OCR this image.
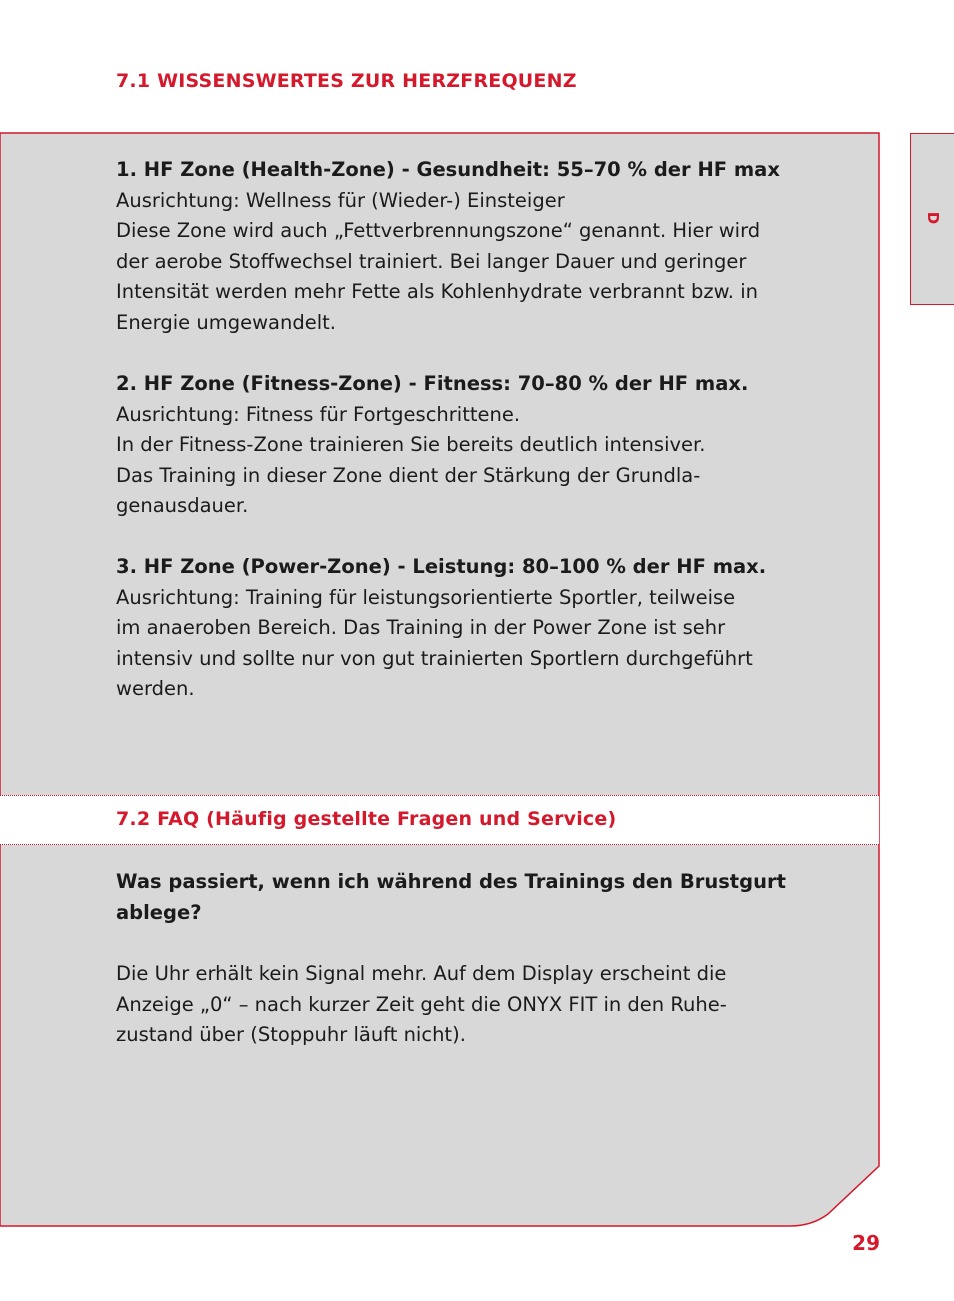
7.1 WISSENSWERTES ZUR HERZFREQUENZ
D

1. HF Zone (Health-Zone) - Gesundheit: 55–70 % der HF max

Ausrichtung: Wellness für (Wieder-) Einsteiger

Diese Zone wird auch „Fettverbrennungszone“ genannt. Hier wird

der aerobe Stoffwechsel trainiert. Bei langer Dauer und geringer

Intensität werden mehr Fette als Kohlenhydrate verbrannt bzw. in

Energie umgewandelt.

2. HF Zone (Fitness-Zone) - Fitness: 70–80 % der HF max.

Ausrichtung: Fitness für Fortgeschrittene.

In der Fitness-Zone trainieren Sie bereits deutlich intensiver.

Das Training in dieser Zone dient der Stärkung der Grundla-

genausdauer.

3. HF Zone (Power-Zone) - Leistung: 80–100 % der HF max.

Ausrichtung: Training für leistungsorientierte Sportler, teilweise

im anaeroben Bereich. Das Training in der Power Zone ist sehr

intensiv und sollte nur von gut trainierten Sportlern durchgeführt

werden.

7.2 FAQ (Häufig gestellte Fragen und Service)

Was passiert, wenn ich während des Trainings den Brustgurt

ablege?

Die Uhr erhält kein Signal mehr. Auf dem Display erscheint die

Anzeige „0“ – nach kurzer Zeit geht die ONYX FIT in den Ruhe-

zustand über (Stoppuhr läuft nicht).

29
